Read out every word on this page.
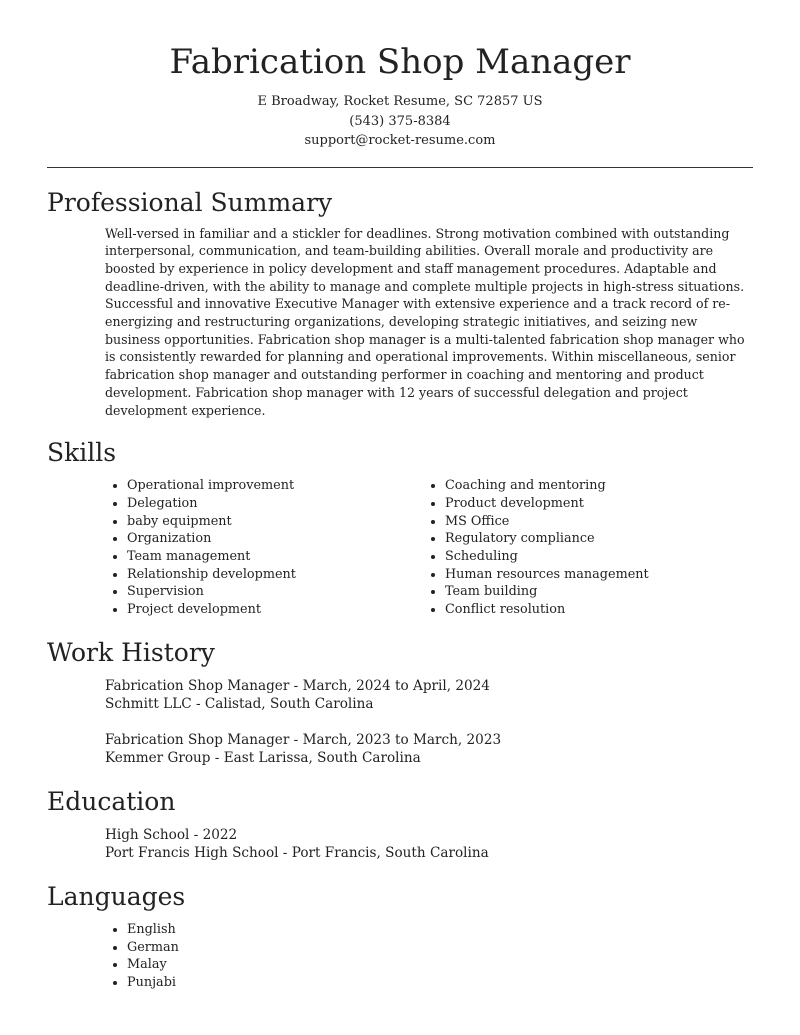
Fabrication Shop Manager
E Broadway, Rocket Resume, SC 72857 US
(543) 375-8384
support@rocket-resume.com
Professional Summary

Well-versed in familiar and a stickler for deadlines. Strong motivation combined with outstanding interpersonal, communication, and team-building abilities. Overall morale and productivity are boosted by experience in policy development and staff management procedures. Adaptable and deadline-driven, with the ability to manage and complete multiple projects in high-stress situations. Successful and innovative Executive Manager with extensive experience and a track record of re-energizing and restructuring organizations, developing strategic initiatives, and seizing new business opportunities. Fabrication shop manager is a multi-talented fabrication shop manager who is consistently rewarded for planning and operational improvements. Within miscellaneous, senior fabrication shop manager and outstanding performer in coaching and mentoring and product development. Fabrication shop manager with 12 years of successful delegation and project development experience.

Skills
• Operational improvement
• Delegation
• baby equipment
• Organization
• Team management
• Relationship development
• Supervision
• Project development
• Coaching and mentoring
• Product development
• MS Office
• Regulatory compliance
• Scheduling
• Human resources management
• Team building
• Conflict resolution
Work History
Fabrication Shop Manager - March, 2024 to April, 2024
Schmitt LLC - Calistad, South Carolina
Fabrication Shop Manager - March, 2023 to March, 2023
Kemmer Group - East Larissa, South Carolina
Education
High School - 2022
Port Francis High School - Port Francis, South Carolina
Languages
• English
• German
• Malay
• Punjabi
